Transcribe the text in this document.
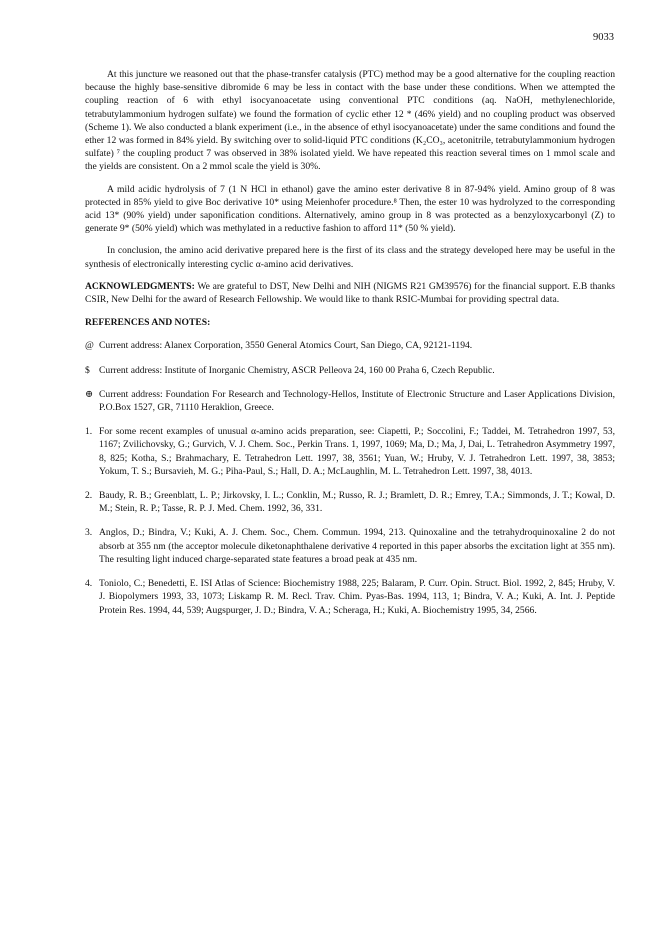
9033

At this juncture we reasoned out that the phase-transfer catalysis (PTC) method may be a good alternative for the coupling reaction because the highly base-sensitive dibromide 6 may be less in contact with the base under these conditions. When we attempted the coupling reaction of 6 with ethyl isocyanoacetate using conventional PTC conditions (aq. NaOH, methylenechloride, tetrabutylammonium hydrogen sulfate) we found the formation of cyclic ether 12 * (46% yield) and no coupling product was observed (Scheme 1). We also conducted a blank experiment (i.e., in the absence of ethyl isocyanoacetate) under the same conditions and found the ether 12 was formed in 84% yield. By switching over to solid-liquid PTC conditions (K₂CO₃, acetonitrile, tetrabutylammonium hydrogen sulfate) ⁷ the coupling product 7 was observed in 38% isolated yield. We have repeated this reaction several times on 1 mmol scale and the yields are consistent. On a 2 mmol scale the yield is 30%.

A mild acidic hydrolysis of 7 (1 N HCl in ethanol) gave the amino ester derivative 8 in 87-94% yield. Amino group of 8 was protected in 85% yield to give Boc derivative 10* using Meienhofer procedure.⁸ Then, the ester 10 was hydrolyzed to the corresponding acid 13* (90% yield) under saponification conditions. Alternatively, amino group in 8 was protected as a benzyloxycarbonyl (Z) to generate 9* (50% yield) which was methylated in a reductive fashion to afford 11* (50 % yield).

In conclusion, the amino acid derivative prepared here is the first of its class and the strategy developed here may be useful in the synthesis of electronically interesting cyclic α-amino acid derivatives.

ACKNOWLEDGMENTS: We are grateful to DST, New Delhi and NIH (NIGMS R21 GM39576) for the financial support. E.B thanks CSIR, New Delhi for the award of Research Fellowship. We would like to thank RSIC-Mumbai for providing spectral data.

REFERENCES AND NOTES:
@ Current address: Alanex Corporation, 3550 General Atomics Court, San Diego, CA, 92121-1194.
$ Current address: Institute of Inorganic Chemistry, ASCR Pelleova 24, 160 00 Praha 6, Czech Republic.
⊕ Current address: Foundation For Research and Technology-Hellos, Institute of Electronic Structure and Laser Applications Division, P.O.Box 1527, GR, 71110 Heraklion, Greece.
1. For some recent examples of unusual α-amino acids preparation, see: Ciapetti, P.; Soccolini, F.; Taddei, M. Tetrahedron 1997, 53, 1167; Zvilichovsky, G.; Gurvich, V. J. Chem. Soc., Perkin Trans. 1, 1997, 1069; Ma, D.; Ma, J, Dai, L. Tetrahedron Asymmetry 1997, 8, 825; Kotha, S.; Brahmachary, E. Tetrahedron Lett. 1997, 38, 3561; Yuan, W.; Hruby, V. J. Tetrahedron Lett. 1997, 38, 3853; Yokum, T. S.; Bursavieh, M. G.; Piha-Paul, S.; Hall, D. A.; McLaughlin, M. L. Tetrahedron Lett. 1997, 38, 4013.
2. Baudy, R. B.; Greenblatt, L. P.; Jirkovsky, I. L.; Conklin, M.; Russo, R. J.; Bramlett, D. R.; Emrey, T.A.; Simmonds, J. T.; Kowal, D. M.; Stein, R. P.; Tasse, R. P. J. Med. Chem. 1992, 36, 331.
3. Anglos, D.; Bindra, V.; Kuki, A. J. Chem. Soc., Chem. Commun. 1994, 213. Quinoxaline and the tetrahydroquinoxaline 2 do not absorb at 355 nm (the acceptor molecule diketonaphthalene derivative 4 reported in this paper absorbs the excitation light at 355 nm). The resulting light induced charge-separated state features a broad peak at 435 nm.
4. Toniolo, C.; Benedetti, E. ISI Atlas of Science: Biochemistry 1988, 225; Balaram, P. Curr. Opin. Struct. Biol. 1992, 2, 845; Hruby, V. J. Biopolymers 1993, 33, 1073; Liskamp R. M. Recl. Trav. Chim. Pyas-Bas. 1994, 113, 1; Bindra, V. A.; Kuki, A. Int. J. Peptide Protein Res. 1994, 44, 539; Augspurger, J. D.; Bindra, V. A.; Scheraga, H.; Kuki, A. Biochemistry 1995, 34, 2566.
